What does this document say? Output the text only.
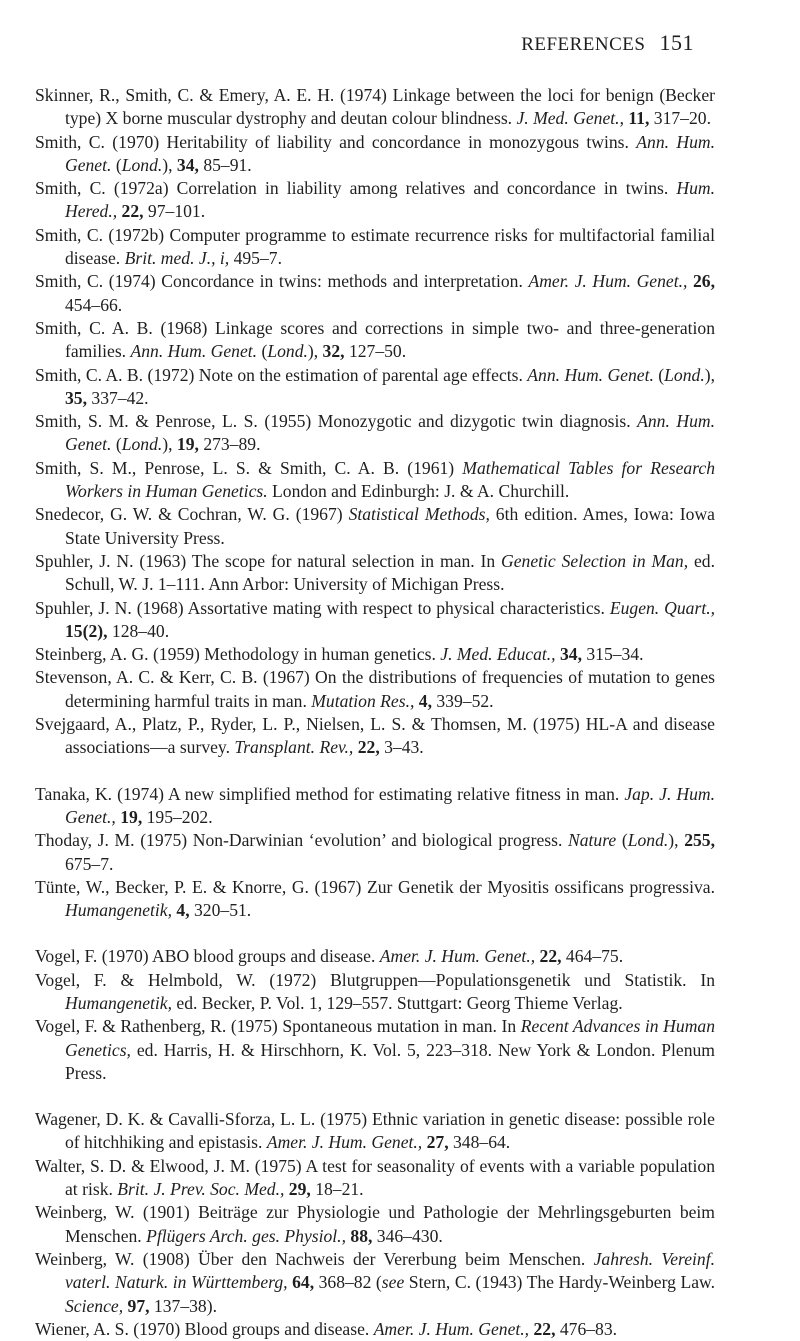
REFERENCES 151
Skinner, R., Smith, C. & Emery, A. E. H. (1974) Linkage between the loci for benign (Becker type) X borne muscular dystrophy and deutan colour blindness. J. Med. Genet., 11, 317–20.
Smith, C. (1970) Heritability of liability and concordance in monozygous twins. Ann. Hum. Genet. (Lond.), 34, 85–91.
Smith, C. (1972a) Correlation in liability among relatives and concordance in twins. Hum. Hered., 22, 97–101.
Smith, C. (1972b) Computer programme to estimate recurrence risks for multifactorial familial disease. Brit. med. J., i, 495–7.
Smith, C. (1974) Concordance in twins: methods and interpretation. Amer. J. Hum. Genet., 26, 454–66.
Smith, C. A. B. (1968) Linkage scores and corrections in simple two- and three-generation families. Ann. Hum. Genet. (Lond.), 32, 127–50.
Smith, C. A. B. (1972) Note on the estimation of parental age effects. Ann. Hum. Genet. (Lond.), 35, 337–42.
Smith, S. M. & Penrose, L. S. (1955) Monozygotic and dizygotic twin diagnosis. Ann. Hum. Genet. (Lond.), 19, 273–89.
Smith, S. M., Penrose, L. S. & Smith, C. A. B. (1961) Mathematical Tables for Research Workers in Human Genetics. London and Edinburgh: J. & A. Churchill.
Snedecor, G. W. & Cochran, W. G. (1967) Statistical Methods, 6th edition. Ames, Iowa: Iowa State University Press.
Spuhler, J. N. (1963) The scope for natural selection in man. In Genetic Selection in Man, ed. Schull, W. J. 1–111. Ann Arbor: University of Michigan Press.
Spuhler, J. N. (1968) Assortative mating with respect to physical characteristics. Eugen. Quart., 15(2), 128–40.
Steinberg, A. G. (1959) Methodology in human genetics. J. Med. Educat., 34, 315–34.
Stevenson, A. C. & Kerr, C. B. (1967) On the distributions of frequencies of mutation to genes determining harmful traits in man. Mutation Res., 4, 339–52.
Svejgaard, A., Platz, P., Ryder, L. P., Nielsen, L. S. & Thomsen, M. (1975) HL-A and disease associations—a survey. Transplant. Rev., 22, 3–43.
Tanaka, K. (1974) A new simplified method for estimating relative fitness in man. Jap. J. Hum. Genet., 19, 195–202.
Thoday, J. M. (1975) Non-Darwinian ‘evolution’ and biological progress. Nature (Lond.), 255, 675–7.
Tünte, W., Becker, P. E. & Knorre, G. (1967) Zur Genetik der Myositis ossificans progressiva. Humangenetik, 4, 320–51.
Vogel, F. (1970) ABO blood groups and disease. Amer. J. Hum. Genet., 22, 464–75.
Vogel, F. & Helmbold, W. (1972) Blutgruppen—Populationsgenetik und Statistik. In Humangenetik, ed. Becker, P. Vol. 1, 129–557. Stuttgart: Georg Thieme Verlag.
Vogel, F. & Rathenberg, R. (1975) Spontaneous mutation in man. In Recent Advances in Human Genetics, ed. Harris, H. & Hirschhorn, K. Vol. 5, 223–318. New York & London. Plenum Press.
Wagener, D. K. & Cavalli-Sforza, L. L. (1975) Ethnic variation in genetic disease: possible role of hitchhiking and epistasis. Amer. J. Hum. Genet., 27, 348–64.
Walter, S. D. & Elwood, J. M. (1975) A test for seasonality of events with a variable population at risk. Brit. J. Prev. Soc. Med., 29, 18–21.
Weinberg, W. (1901) Beiträge zur Physiologie und Pathologie der Mehrlingsgeburten beim Menschen. Pflügers Arch. ges. Physiol., 88, 346–430.
Weinberg, W. (1908) Über den Nachweis der Vererbung beim Menschen. Jahresh. Vereinf. vaterl. Naturk. in Württemberg, 64, 368–82 (see Stern, C. (1943) The Hardy-Weinberg Law. Science, 97, 137–38).
Wiener, A. S. (1970) Blood groups and disease. Amer. J. Hum. Genet., 22, 476–83.
